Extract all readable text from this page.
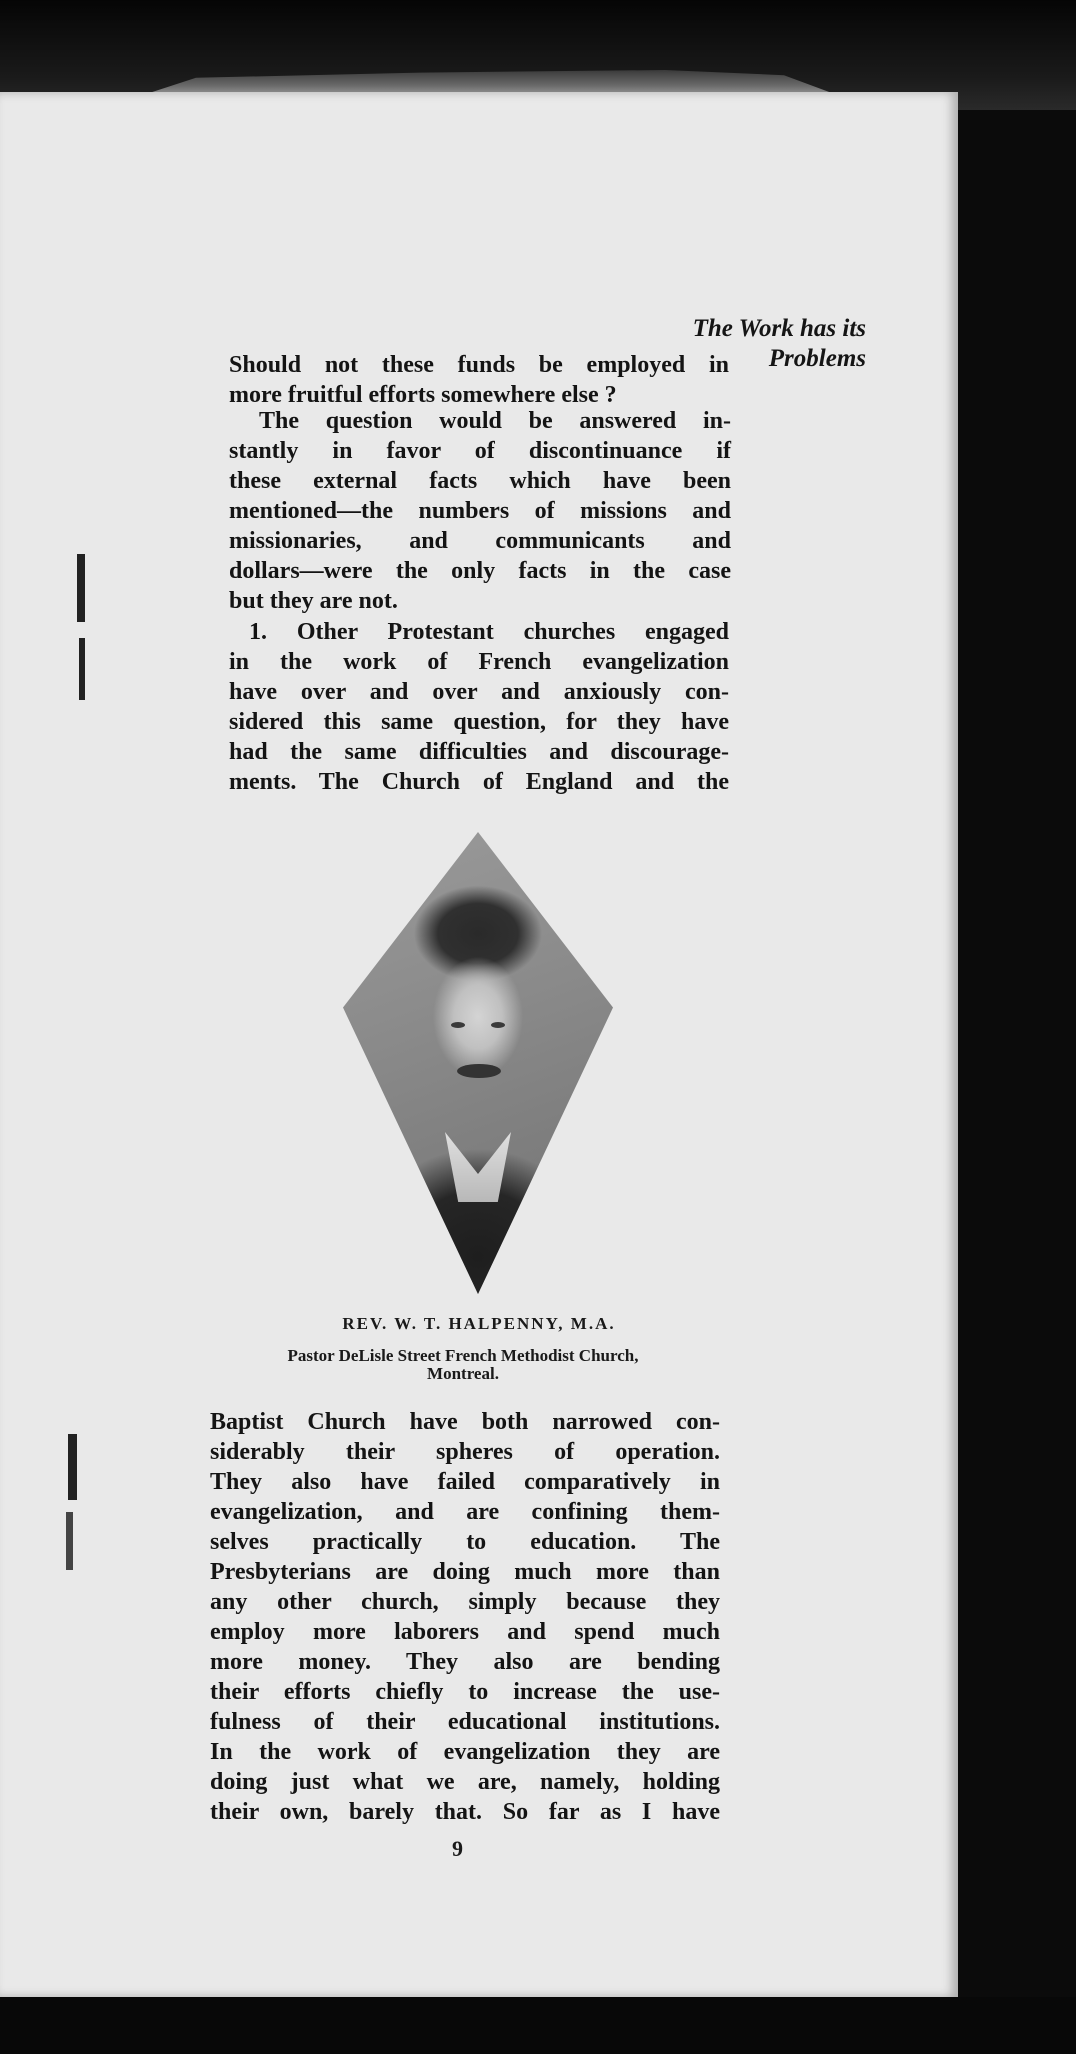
The Work has its
Problems
Should not these funds be employed in
more fruitful efforts somewhere else ?
The question would be answered in-
stantly in favor of discontinuance if
these external facts which have been
mentioned—the numbers of missions and
missionaries, and communicants and
dollars—were the only facts in the case
but they are not.
1. Other Protestant churches engaged
in the work of French evangelization
have over and over and anxiously con-
sidered this same question, for they have
had the same difficulties and discourage-
ments. The Church of England and the
REV. W. T. HALPENNY, M.A.
Pastor DeLisle Street French Methodist Church,
Montreal.
Baptist Church have both narrowed con-
siderably their spheres of operation.
They also have failed comparatively in
evangelization, and are confining them-
selves practically to education. The
Presbyterians are doing much more than
any other church, simply because they
employ more laborers and spend much
more money. They also are bending
their efforts chiefly to increase the use-
fulness of their educational institutions.
In the work of evangelization they are
doing just what we are, namely, holding
their own, barely that. So far as I have
9
